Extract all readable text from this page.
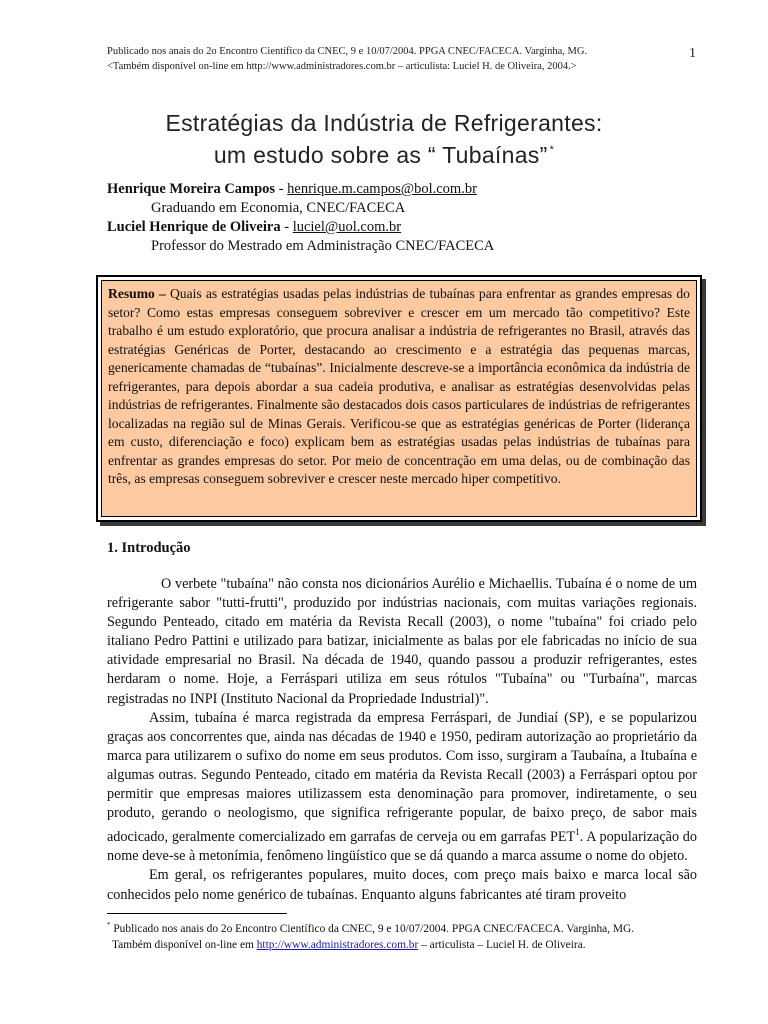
Publicado nos anais do 2o Encontro Científico da CNEC, 9 e 10/07/2004. PPGA CNEC/FACECA. Varginha, MG.
<Também disponível on-line em http://www.administradores.com.br – articulista: Luciel H. de Oliveira, 2004.>
1
Estratégias da Indústria de Refrigerantes:
um estudo sobre as “ Tubaínas” *
Henrique Moreira Campos - henrique.m.campos@bol.com.br
Graduando em Economia, CNEC/FACECA
Luciel Henrique de Oliveira - luciel@uol.com.br
Professor do Mestrado em Administração CNEC/FACECA
Resumo – Quais as estratégias usadas pelas indústrias de tubaínas para enfrentar as grandes empresas do setor? Como estas empresas conseguem sobreviver e crescer em um mercado tão competitivo? Este trabalho é um estudo exploratório, que procura analisar a indústria de refrigerantes no Brasil, através das estratégias Genéricas de Porter, destacando ao crescimento e a estratégia das pequenas marcas, genericamente chamadas de “tubaínas”. Inicialmente descreve-se a importância econômica da indústria de refrigerantes, para depois abordar a sua cadeia produtiva, e analisar as estratégias desenvolvidas pelas indústrias de refrigerantes. Finalmente são destacados dois casos particulares de indústrias de refrigerantes localizadas na região sul de Minas Gerais. Verificou-se que as estratégias genéricas de Porter (liderança em custo, diferenciação e foco) explicam bem as estratégias usadas pelas indústrias de tubaínas para enfrentar as grandes empresas do setor. Por meio de concentração em uma delas, ou de combinação das três, as empresas conseguem sobreviver e crescer neste mercado hiper competitivo.
1. Introdução

O verbete "tubaína" não consta nos dicionários Aurélio e Michaellis. Tubaína é o nome de um refrigerante sabor "tutti-frutti", produzido por indústrias nacionais, com muitas variações regionais. Segundo Penteado, citado em matéria da Revista Recall (2003), o nome "tubaína" foi criado pelo italiano Pedro Pattini e utilizado para batizar, inicialmente as balas por ele fabricadas no início de sua atividade empresarial no Brasil. Na década de 1940, quando passou a produzir refrigerantes, estes herdaram o nome. Hoje, a Ferráspari utiliza em seus rótulos "Tubaína" ou "Turbaína", marcas registradas no INPI (Instituto Nacional da Propriedade Industrial)".

Assim, tubaína é marca registrada da empresa Ferráspari, de Jundiaí (SP), e se popularizou graças aos concorrentes que, ainda nas décadas de 1940 e 1950, pediram autorização ao proprietário da marca para utilizarem o sufixo do nome em seus produtos. Com isso, surgiram a Taubaína, a Itubaína e algumas outras. Segundo Penteado, citado em matéria da Revista Recall (2003) a Ferráspari optou por permitir que empresas maiores utilizassem esta denominação para promover, indiretamente, o seu produto, gerando o neologismo, que significa refrigerante popular, de baixo preço, de sabor mais adocicado, geralmente comercializado em garrafas de cerveja ou em garrafas PET$^1$. A popularização do nome deve-se à metonímia, fenômeno lingüístico que se dá quando a marca assume o nome do objeto.

Em geral, os refrigerantes populares, muito doces, com preço mais baixo e marca local são conhecidos pelo nome genérico de tubaínas. Enquanto alguns fabricantes até tiram proveito

* Publicado nos anais do 2o Encontro Científico da CNEC, 9 e 10/07/2004. PPGA CNEC/FACECA. Varginha, MG.
Também disponível on-line em http://www.administradores.com.br – articulista – Luciel H. de Oliveira.
